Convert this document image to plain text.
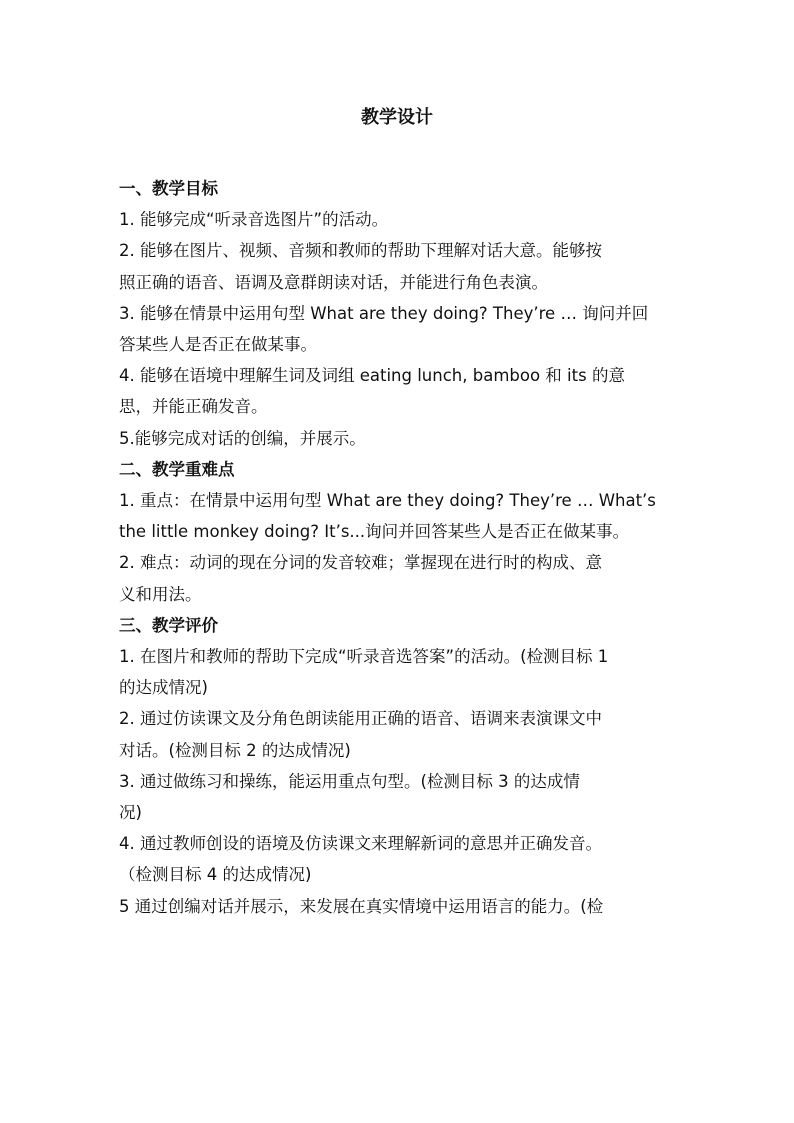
教学设计
一、教学目标
1. 能够完成“听录音选图片”的活动。
2. 能够在图片、视频、音频和教师的帮助下理解对话大意。能够按
照正确的语音、语调及意群朗读对话，并能进行角色表演。
3. 能够在情景中运用句型 What are they doing? They’re … 询问并回
答某些人是否正在做某事。
4. 能够在语境中理解生词及词组 eating lunch, bamboo 和 its 的意
思，并能正确发音。
5.能够完成对话的创编，并展示。
二、教学重难点
1. 重点：在情景中运用句型 What are they doing? They’re … What’s
the little monkey doing? It’s...询问并回答某些人是否正在做某事。
2. 难点：动词的现在分词的发音较难；掌握现在进行时的构成、意
义和用法。
三、教学评价
1. 在图片和教师的帮助下完成“听录音选答案”的活动。(检测目标 1
的达成情况)
2. 通过仿读课文及分角色朗读能用正确的语音、语调来表演课文中
对话。(检测目标 2 的达成情况)
3. 通过做练习和操练，能运用重点句型。(检测目标 3 的达成情
况)
4. 通过教师创设的语境及仿读课文来理解新词的意思并正确发音。
（检测目标 4 的达成情况)
5 通过创编对话并展示，来发展在真实情境中运用语言的能力。(检
